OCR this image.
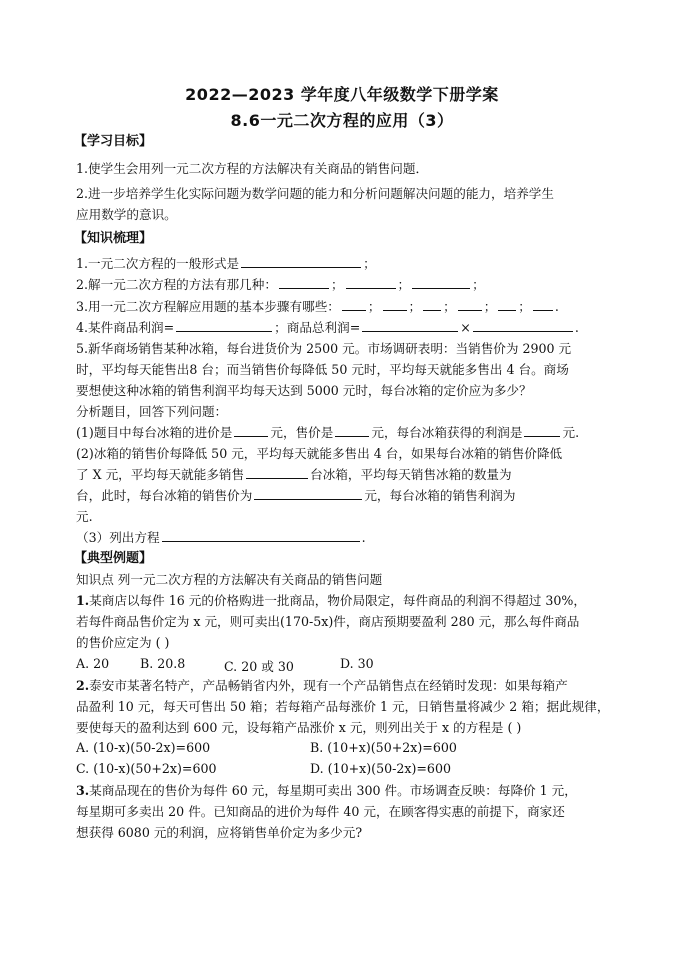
2022—2023 学年度八年级数学下册学案
8.6一元二次方程的应用（3）
【学习目标】
1.使学生会用列一元二次方程的方法解决有关商品的销售问题．
2.进一步培养学生化实际问题为数学问题的能力和分析问题解决问题的能力，培养学生
应用数学的意识。
【知识梳理】
1.一元二次方程的一般形式是	；
2.解一元二次方程的方法有那几种：	；	；	；
3.用一元二次方程解应用题的基本步骤有哪些： ； ； ； ； ； .
4.某件商品利润=	；商品总利润=	×	.
5.新华商场销售某种冰箱，每台进货价为 2500 元。市场调研表明：当销售价为 2900 元
时，平均每天能售出8 台；而当销售价每降低 50 元时，平均每天就能多售出 4 台。商场
要想使这种冰箱的销售利润平均每天达到 5000 元时，每台冰箱的定价应为多少？
分析题目，回答下列问题：
(1)题目中每台冰箱的进价是	元，售价是	元，每台冰箱获得的利润是	元.
(2)冰箱的销售价每降低 50 元，平均每天就能多售出 4 台，如果每台冰箱的销售价降低
了 X 元，平均每天就能多销售	台冰箱，平均每天销售冰箱的数量为
台，此时，每台冰箱的销售价为	元，每台冰箱的销售利润为
元.
（3）列出方程	.
【典型例题】
知识点 列一元二次方程的方法解决有关商品的销售问题
1.某商店以每件 16 元的价格购进一批商品，物价局限定，每件商品的利润不得超过 30%，
若每件商品售价定为 x 元，则可卖出(170-5x)件，商店预期要盈利 280 元，那么每件商品
的售价应定为 ( )
A. 20 B. 20.8	C. 20 或 30	D. 30
2.泰安市某著名特产，产品畅销省内外，现有一个产品销售点在经销时发现：如果每箱产
品盈利 10 元，每天可售出 50 箱；若每箱产品每涨价 1 元，日销售量将减少 2 箱；据此规律，
要使每天的盈利达到 600 元，设每箱产品涨价 x 元，则列出关于 x 的方程是 ( )
A. (10-x)(50-2x)=600	B. (10+x)(50+2x)=600
C. (10-x)(50+2x)=600	D. (10+x)(50-2x)=600
3.某商品现在的售价为每件 60 元，每星期可卖出 300 件。市场调查反映：每降价 1 元，
每星期可多卖出 20 件。已知商品的进价为每件 40 元，在顾客得实惠的前提下，商家还
想获得 6080 元的利润，应将销售单价定为多少元?
